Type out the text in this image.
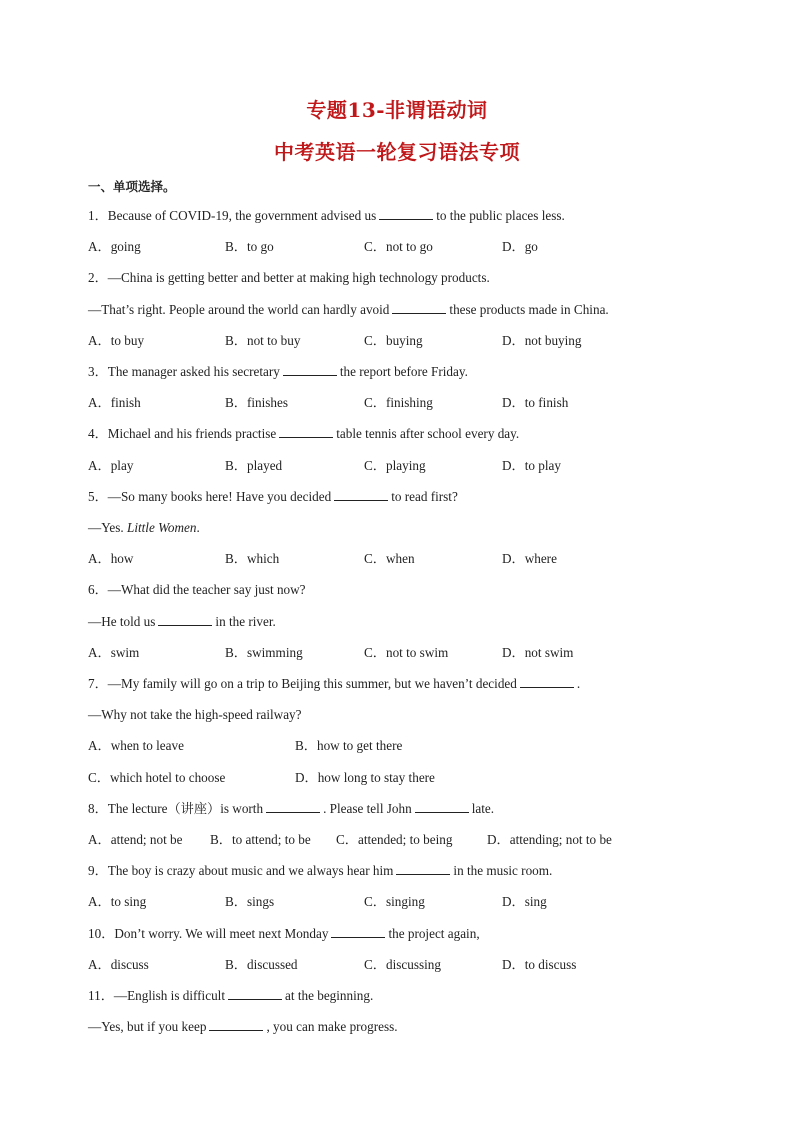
专题13-非谓语动词
中考英语一轮复习语法专项
一、单项选择。
1．Because of COVID-19, the government advised us	to the public places less.
A．going	B．to go	C．not to go	D．go
2．—China is getting better and better at making high technology products.
—That’s right. People around the world can hardly avoid	these products made in China.
A．to buy	B．not to buy	C．buying	D．not buying
3．The manager asked his secretary	the report before Friday.
A．finish	B．finishes	C．finishing	D．to finish
4．Michael and his friends practise	table tennis after school every day.
A．play	B．played	C．playing	D．to play
5．—So many books here! Have you decided	to read first?
—Yes. Little Women.
A．how	B．which	C．when	D．where
6．—What did the teacher say just now?
—He told us	in the river.
A．swim	B．swimming	C．not to swim	D．not swim
7．—My family will go on a trip to Beijing this summer, but we haven’t decided	.
—Why not take the high-speed railway?
A．when to leave	B．how to get there
C．which hotel to choose	D．how long to stay there
8．The lecture（讲座）is worth	. Please tell John	late.
A．attend; not be B．to attend; to be C．attended; to being	D．attending; not to be
9．The boy is crazy about music and we always hear him	in the music room.
A．to sing	B．sings	C．singing	D．sing
10．Don’t worry. We will meet next Monday	the project again,
A．discuss	B．discussed	C．discussing	D．to discuss
11．—English is difficult	at the beginning.
—Yes, but if you keep	, you can make progress.
